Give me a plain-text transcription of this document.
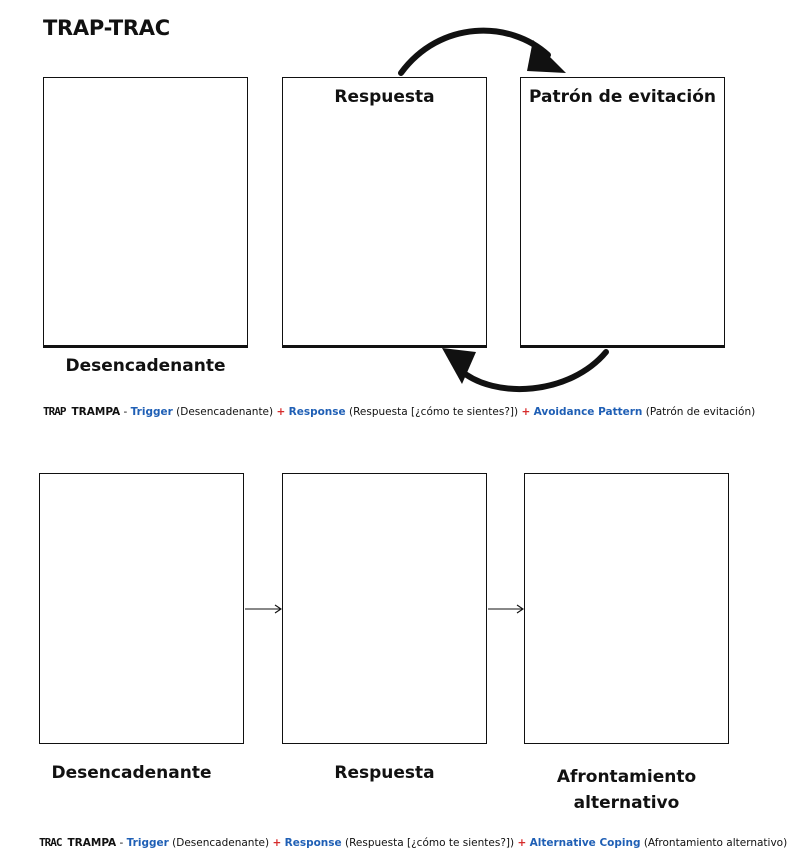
TRAP-TRAC
Respuesta	Patrón de evitación
Desencadenante
TRAP TRAMPA - Trigger (Desencadenante) + Response (Respuesta [¿cómo te sientes?]) + Avoidance Pattern (Patrón de evitación)
Desencadenante	Respuesta	Afrontamiento
alternativo
TRAC TRAMPA - Trigger (Desencadenante) + Response (Respuesta [¿cómo te sientes?]) + Alternative Coping (Afrontamiento alternativo)
